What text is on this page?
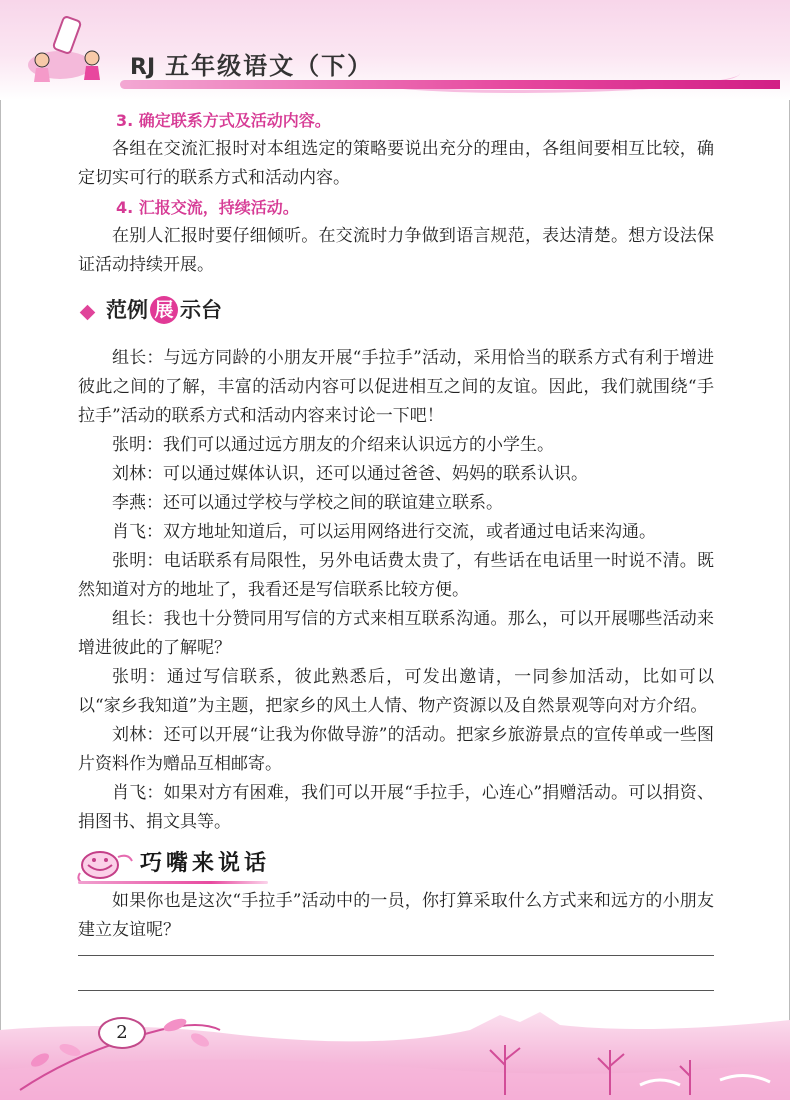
RJ 五年级语文（下）
3. 确定联系方式及活动内容。

各组在交流汇报时对本组选定的策略要说出充分的理由，各组间要相互比较，确定切实可行的联系方式和活动内容。

4. 汇报交流，持续活动。

在别人汇报时要仔细倾听。在交流时力争做到语言规范，表达清楚。想方设法保证活动持续开展。

范例 展 示台

组长：与远方同龄的小朋友开展“手拉手”活动，采用恰当的联系方式有利于增进彼此之间的了解，丰富的活动内容可以促进相互之间的友谊。因此，我们就围绕“手拉手”活动的联系方式和活动内容来讨论一下吧！

张明：我们可以通过远方朋友的介绍来认识远方的小学生。

刘林：可以通过媒体认识，还可以通过爸爸、妈妈的联系认识。

李燕：还可以通过学校与学校之间的联谊建立联系。

肖飞：双方地址知道后，可以运用网络进行交流，或者通过电话来沟通。

张明：电话联系有局限性，另外电话费太贵了，有些话在电话里一时说不清。既然知道对方的地址了，我看还是写信联系比较方便。

组长：我也十分赞同用写信的方式来相互联系沟通。那么，可以开展哪些活动来增进彼此的了解呢？

张明：通过写信联系，彼此熟悉后，可发出邀请，一同参加活动，比如可以以“家乡我知道”为主题，把家乡的风土人情、物产资源以及自然景观等向对方介绍。

刘林：还可以开展“让我为你做导游”的活动。把家乡旅游景点的宣传单或一些图片资料作为赠品互相邮寄。

肖飞：如果对方有困难，我们可以开展“手拉手，心连心”捐赠活动。可以捐资、捐图书、捐文具等。

巧嘴来说话

如果你也是这次“手拉手”活动中的一员，你打算采取什么方式来和远方的小朋友建立友谊呢？

2
